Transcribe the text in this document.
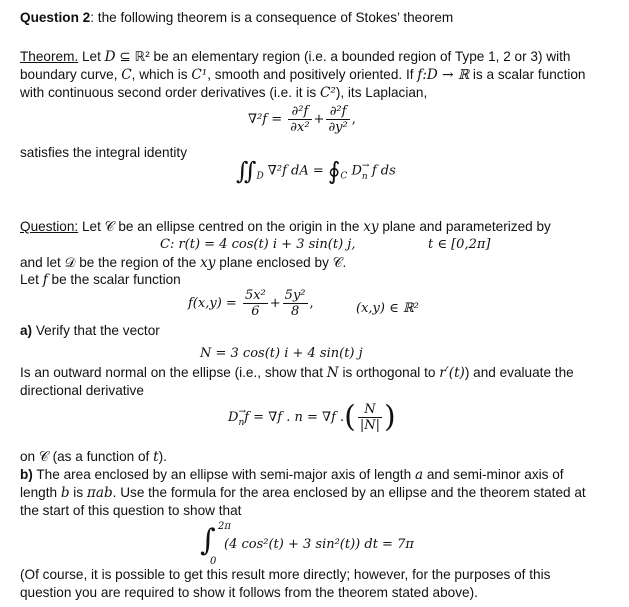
Question 2: the following theorem is a consequence of Stokes’ theorem
Theorem. Let D ⊆ ℝ² be an elementary region (i.e. a bounded region of Type 1, 2 or 3) with
boundary curve, C, which is C¹, smooth and positively oriented. If f:D → ℝ is a scalar function
with continuous second order derivatives (i.e. it is C²), its Laplacian,
$\nabla^2f = \frac{\text{∂²f}}{\text{∂x²}} + \frac{\text{∂²f}}{\text{∂y²}}$ ,
satisfies the integral identity
$∬_D$ ∇²f dA = $∮_C$ D→ n f ds
Question: Let 𝒞 be an ellipse centred on the origin in the xy plane and parameterized by
C: r(t) = 4 cos(t) i + 3 sin(t) j,	t ∈ [0,2π]
and let 𝒟 be the region of the xy plane enclosed by 𝒞.
Let f be the scalar function
$f(x,y) = \frac{\text{5x²}}{6} + \frac{\text{5y²}}{8}$ ,	(x,y) ∈ ℝ²
a) Verify that the vector
N = 3 cos(t) i + 4 sin(t) j
Is an outward normal on the ellipse (i.e., show that N is orthogonal to r′(t)) and evaluate the
directional derivative
D→ nf = ∇f . n = ∇f .( $\frac{N}{|N|}$ )
on 𝒞 (as a function of t).
b) The area enclosed by an ellipse with semi-major axis of length a and semi-minor axis of
length b is πab. Use the formula for the area enclosed by an ellipse and the theorem stated at
the start of this question to show that
2π
∫
0
(4 cos²(t) + 3 sin²(t)) dt = 7π
(Of course, it is possible to get this result more directly; however, for the purposes of this
question you are required to show it follows from the theorem stated above).
